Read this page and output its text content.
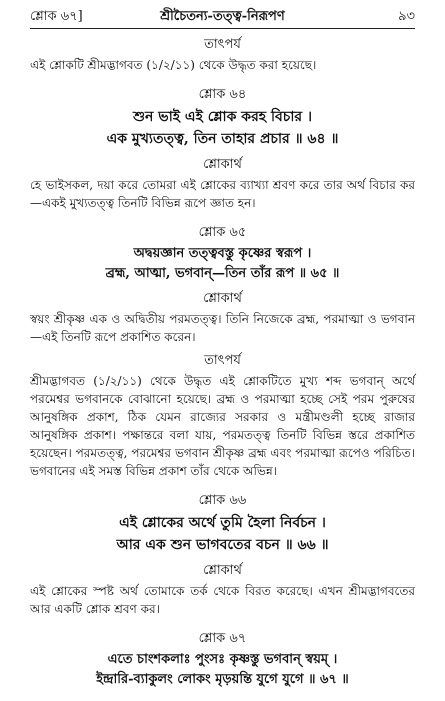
শ্লোক ৬৭]	শ্রীচৈতন্য-তত্ত্ব-নিরূপণ	৯৩
তাৎপর্য

এই শ্লোকটি শ্রীমদ্ভাগবত (১/২/১১) থেকে উদ্ধৃত করা হয়েছে।

শ্লোক ৬৪

শুন ভাই এই শ্লোক করহ বিচার ।

এক মুখ্যতত্ত্ব, তিন তাহার প্রচার ॥ ৬৪ ॥

শ্লোকার্থ

হে ভাইসকল, দয়া করে তোমরা এই শ্লোকের ব্যাখ্যা শ্রবণ করে তার অর্থ বিচার কর—একই মুখ্যতত্ত্ব তিনটি বিভিন্ন রূপে জ্ঞাত হন।

শ্লোক ৬৫

অদ্বয়জ্ঞান তত্ত্ববস্তু কৃষ্ণের স্বরূপ ।

ব্রহ্ম, আত্মা, ভগবান্—তিন তাঁর রূপ ॥ ৬৫ ॥

শ্লোকার্থ

স্বয়ং শ্রীকৃষ্ণ এক ও অদ্বিতীয় পরমতত্ত্ব। তিনি নিজেকে ব্রহ্ম, পরমাত্মা ও ভগবান—এই তিনটি রূপে প্রকাশিত করেন।

তাৎপর্য

শ্রীমদ্ভাগবত (১/২/১১) থেকে উদ্ধৃত এই শ্লোকটিতে মুখ্য শব্দ ভগবান্ অর্থে পরমেশ্বর ভগবানকে বোঝানো হয়েছে। ব্রহ্ম ও পরমাত্মা হচ্ছে সেই পরম পুরুষের আনুষঙ্গিক প্রকাশ, ঠিক যেমন রাজ্যের সরকার ও মন্ত্রীমণ্ডলী হচ্ছে রাজার আনুষঙ্গিক প্রকাশ। পক্ষান্তরে বলা যায়, পরমতত্ত্ব তিনটি বিভিন্ন স্তরে প্রকাশিত হয়েছেন। পরমতত্ত্ব, পরমেশ্বর ভগবান শ্রীকৃষ্ণ ব্রহ্ম এবং পরমাত্মা রূপেও পরিচিত। ভগবানের এই সমস্ত বিভিন্ন প্রকাশ তাঁর থেকে অভিন্ন।

শ্লোক ৬৬

এই শ্লোকের অর্থে তুমি হৈলা নির্বচন ।

আর এক শুন ভাগবতের বচন ॥ ৬৬ ॥

শ্লোকার্থ

এই শ্লোকের স্পষ্ট অর্থ তোমাকে তর্ক থেকে বিরত করেছে। এখন শ্রীমদ্ভাগবতের আর একটি শ্লোক শ্রবণ কর।

শ্লোক ৬৭

এতে চাংশকলাঃ পুংসঃ কৃষ্ণস্তু ভগবান্ স্বয়ম্ ।

ইন্দ্রারি-ব্যাকুলং লোকং মৃড়য়ন্তি যুগে যুগে ॥ ৬৭ ॥
